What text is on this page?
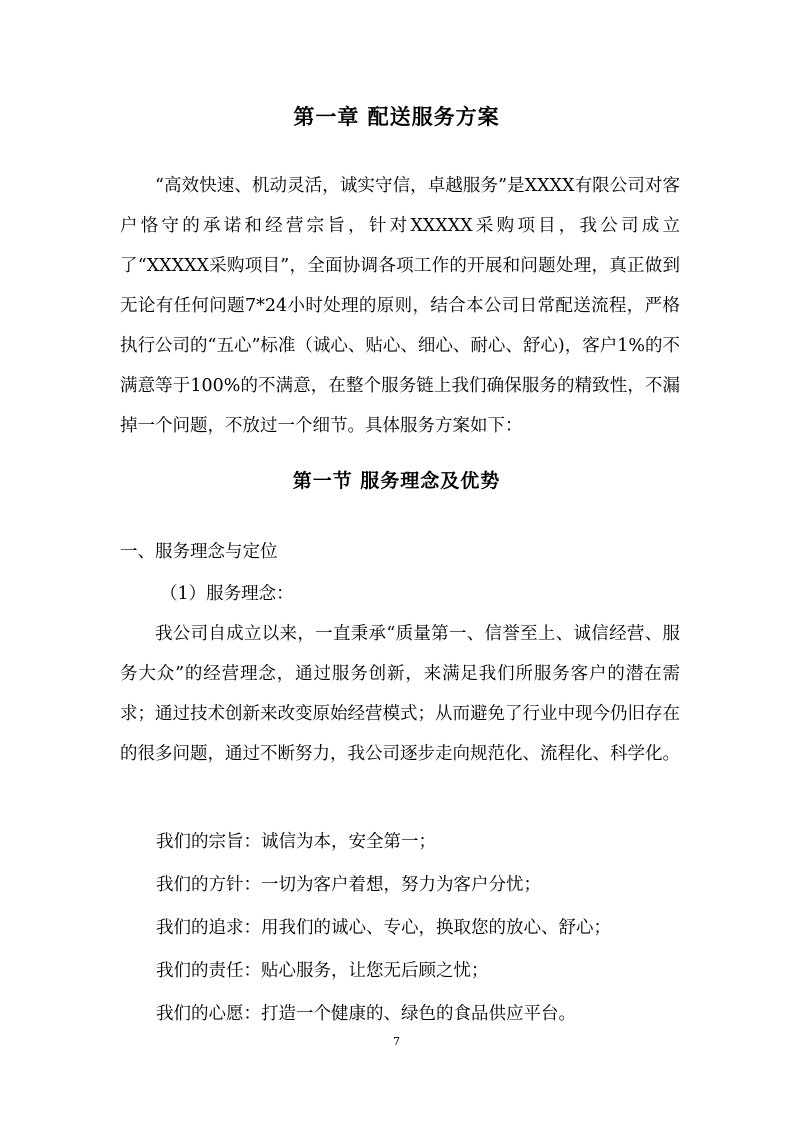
第一章 配送服务方案
“高效快速、机动灵活，诚实守信，卓越服务”是XXXX有限公司对客户恪守的承诺和经营宗旨，针对XXXXX采购项目，我公司成立了“XXXXX采购项目”，全面协调各项工作的开展和问题处理，真正做到无论有任何问题7*24小时处理的原则，结合本公司日常配送流程，严格执行公司的“五心”标准（诚心、贴心、细心、耐心、舒心)，客户1%的不满意等于100%的不满意，在整个服务链上我们确保服务的精致性，不漏掉一个问题，不放过一个细节。具体服务方案如下：
第一节 服务理念及优势
一、服务理念与定位
（1）服务理念：
我公司自成立以来，一直秉承“质量第一、信誉至上、诚信经营、服务大众”的经营理念，通过服务创新，来满足我们所服务客户的潜在需求；通过技术创新来改变原始经营模式；从而避免了行业中现今仍旧存在的很多问题，通过不断努力，我公司逐步走向规范化、流程化、科学化。
我们的宗旨：诚信为本，安全第一；
我们的方针：一切为客户着想，努力为客户分忧；
我们的追求：用我们的诚心、专心，换取您的放心、舒心；
我们的责任：贴心服务，让您无后顾之忧；
我们的心愿：打造一个健康的、绿色的食品供应平台。
7
